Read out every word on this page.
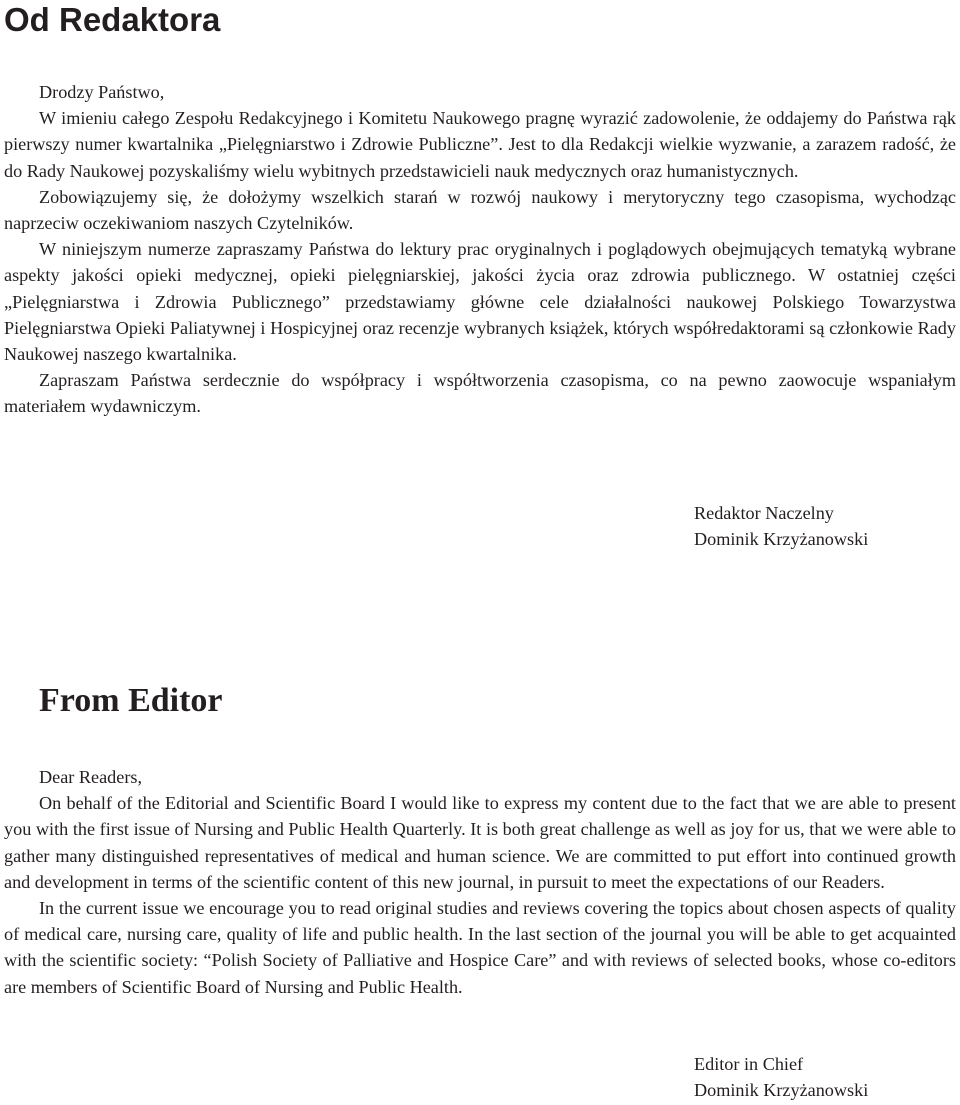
Od Redaktora

Drodzy Państwo,

W imieniu całego Zespołu Redakcyjnego i Komitetu Naukowego pragnę wyrazić zadowolenie, że oddajemy do Państwa rąk pierwszy numer kwartalnika „Pielęgniarstwo i Zdrowie Publiczne”. Jest to dla Redakcji wielkie wyzwanie, a zarazem radość, że do Rady Naukowej pozyskaliśmy wielu wybitnych przedstawicieli nauk medycznych oraz humanistycznych.

Zobowiązujemy się, że dołożymy wszelkich starań w rozwój naukowy i merytoryczny tego czasopisma, wychodząc naprzeciw oczekiwaniom naszych Czytelników.

W niniejszym numerze zapraszamy Państwa do lektury prac oryginalnych i poglądowych obejmujących tematyką wybrane aspekty jakości opieki medycznej, opieki pielęgniarskiej, jakości życia oraz zdrowia publicznego. W ostatniej części „Pielęgniarstwa i Zdrowia Publicznego” przedstawiamy główne cele działalności naukowej Polskiego Towarzystwa Pielęgniarstwa Opieki Paliatywnej i Hospicyjnej oraz recenzje wybranych książek, których współredaktorami są członkowie Rady Naukowej naszego kwartalnika.

Zapraszam Państwa serdecznie do współpracy i współtworzenia czasopisma, co na pewno zaowocuje wspaniałym materiałem wydawniczym.

Redaktor Naczelny
Dominik Krzyżanowski
From Editor

Dear Readers,

On behalf of the Editorial and Scientific Board I would like to express my content due to the fact that we are able to present you with the first issue of Nursing and Public Health Quarterly. It is both great challenge as well as joy for us, that we were able to gather many distinguished representatives of medical and human science. We are committed to put effort into continued growth and development in terms of the scientific content of this new journal, in pursuit to meet the expectations of our Readers.

In the current issue we encourage you to read original studies and reviews covering the topics about chosen aspects of quality of medical care, nursing care, quality of life and public health. In the last section of the journal you will be able to get acquainted with the scientific society: “Polish Society of Palliative and Hospice Care” and with reviews of selected books, whose co-editors are members of Scientific Board of Nursing and Public Health.

Editor in Chief
Dominik Krzyżanowski
